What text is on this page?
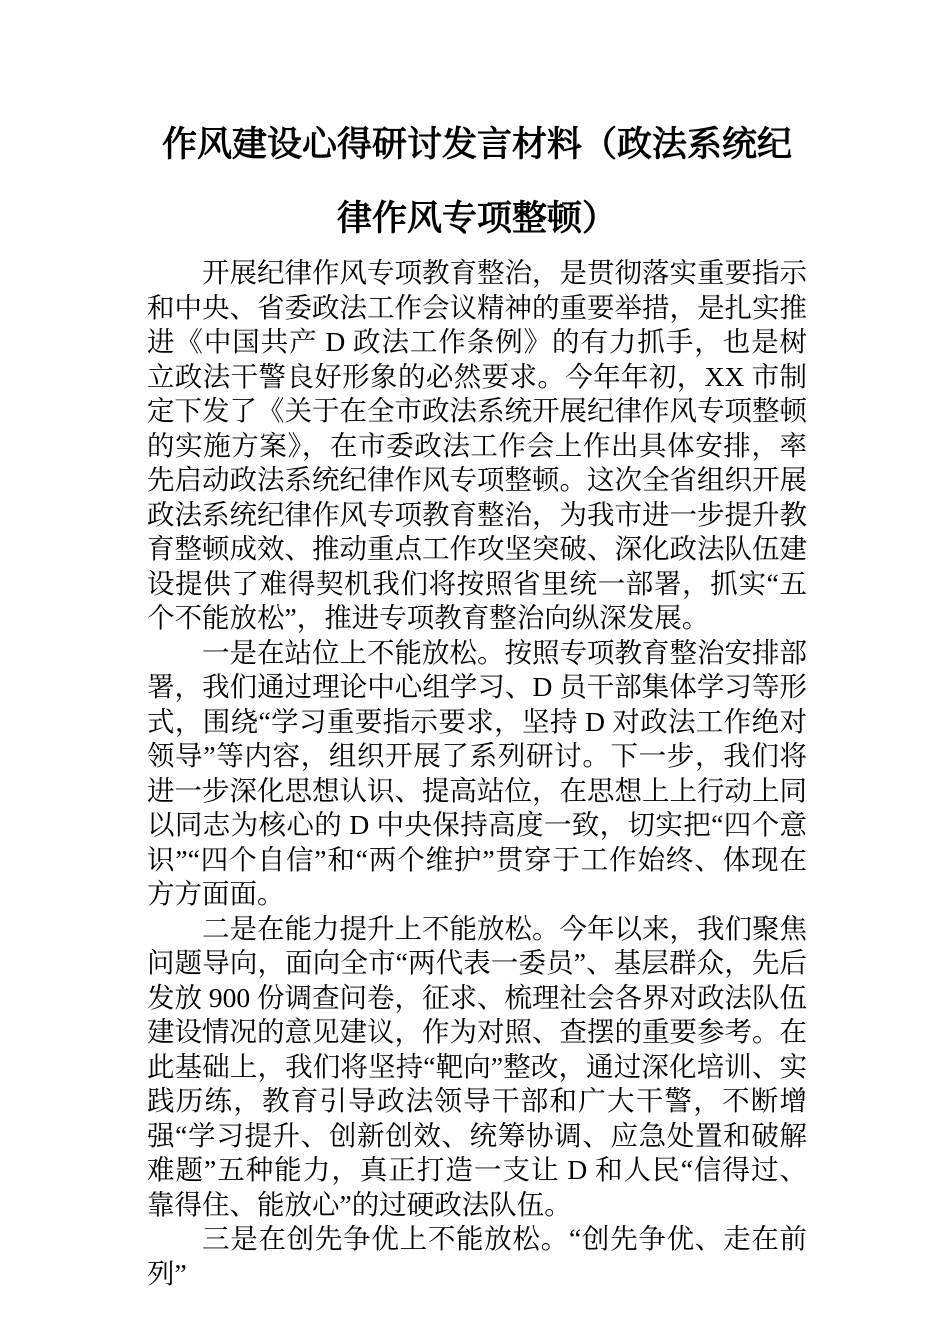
作风建设心得研讨发言材料（政法系统纪律作风专项整顿）

开展纪律作风专项教育整治，是贯彻落实重要指示和中央、省委政法工作会议精神的重要举措，是扎实推进《中国共产 D 政法工作条例》的有力抓手，也是树立政法干警良好形象的必然要求。今年年初，XX 市制定下发了《关于在全市政法系统开展纪律作风专项整顿的实施方案》，在市委政法工作会上作出具体安排，率先启动政法系统纪律作风专项整顿。这次全省组织开展政法系统纪律作风专项教育整治，为我市进一步提升教育整顿成效、推动重点工作攻坚突破、深化政法队伍建设提供了难得契机我们将按照省里统一部署，抓实“五个不能放松”，推进专项教育整治向纵深发展。

一是在站位上不能放松。按照专项教育整治安排部署，我们通过理论中心组学习、D 员干部集体学习等形式，围绕“学习重要指示要求，坚持 D 对政法工作绝对领导”等内容，组织开展了系列研讨。下一步，我们将进一步深化思想认识、提高站位，在思想上上行动上同以同志为核心的 D 中央保持高度一致，切实把“四个意识”“四个自信”和“两个维护”贯穿于工作始终、体现在方方面面。

二是在能力提升上不能放松。今年以来，我们聚焦问题导向，面向全市“两代表一委员”、基层群众，先后发放 900 份调查问卷，征求、梳理社会各界对政法队伍建设情况的意见建议，作为对照、查摆的重要参考。在此基础上，我们将坚持“靶向”整改，通过深化培训、实践历练，教育引导政法领导干部和广大干警，不断增强“学习提升、创新创效、统筹协调、应急处置和破解难题”五种能力，真正打造一支让 D 和人民“信得过、靠得住、能放心”的过硬政法队伍。

三是在创先争优上不能放松。“创先争优、走在前列”
